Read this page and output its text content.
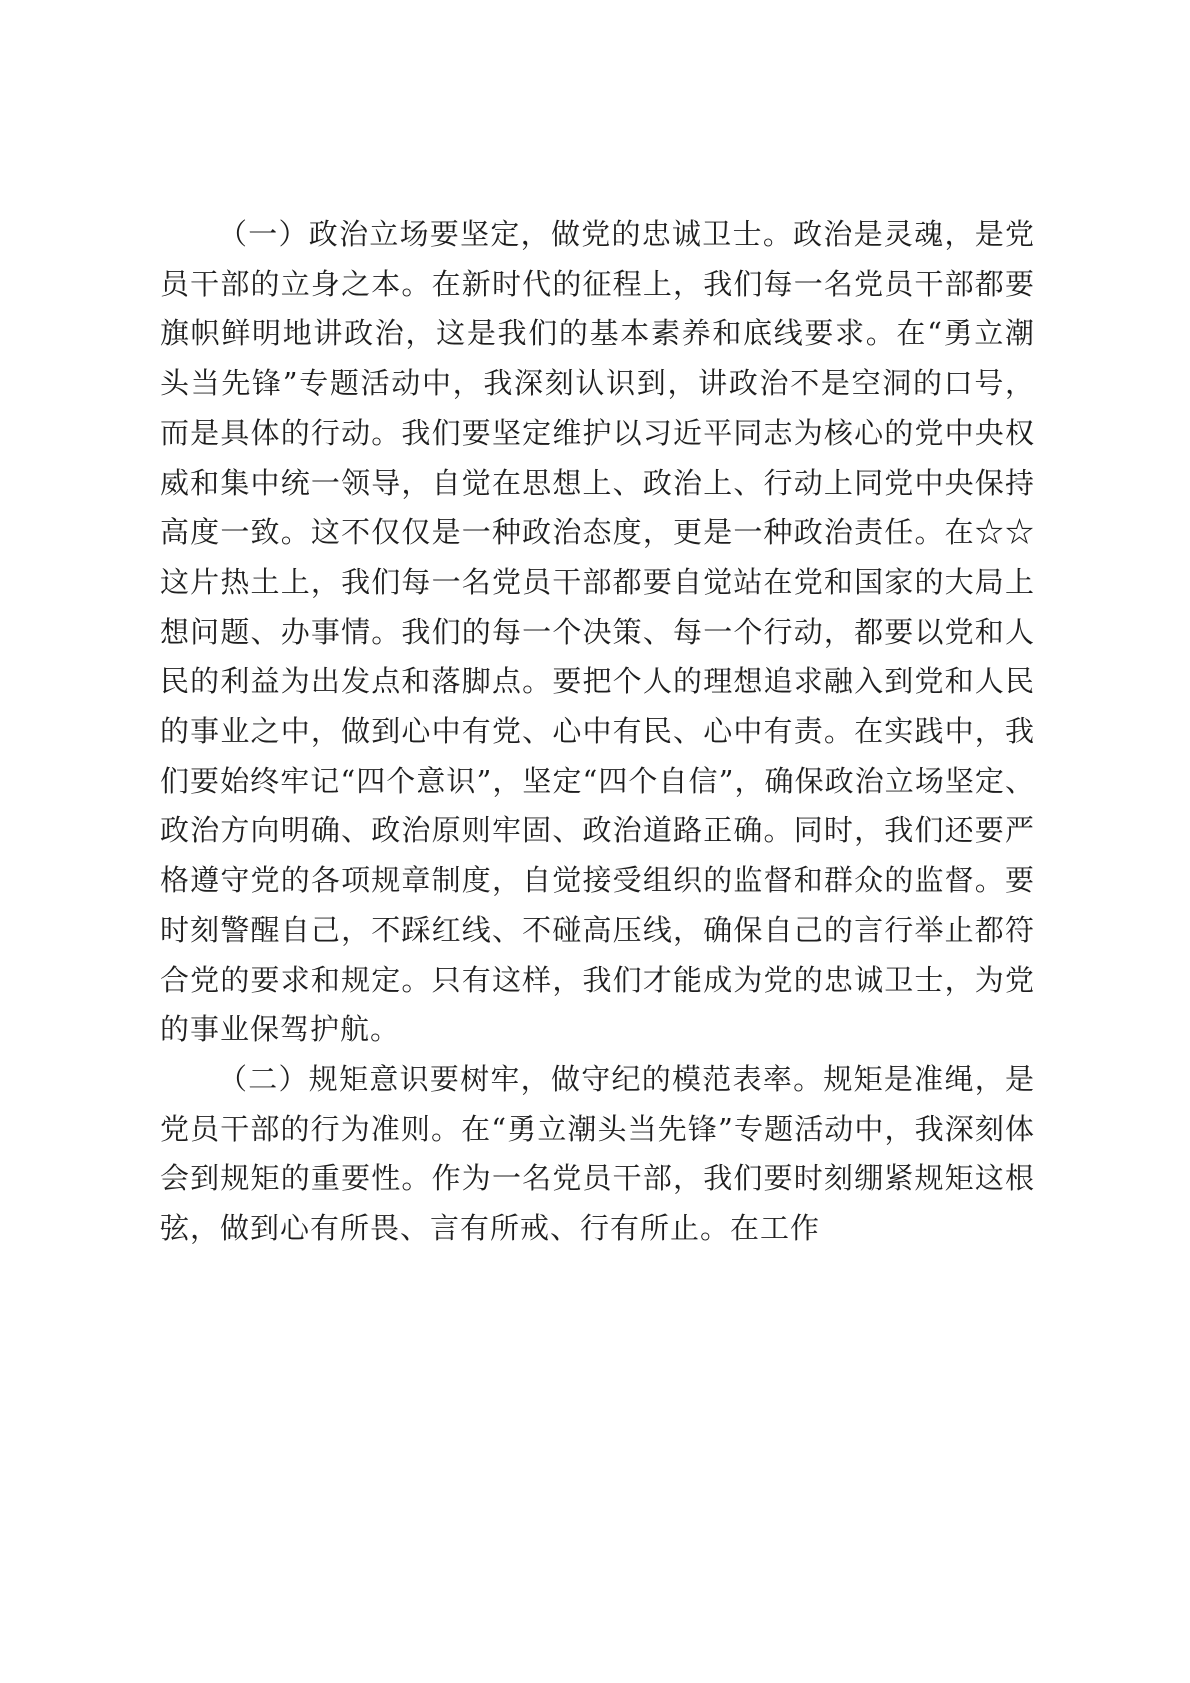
（一）政治立场要坚定，做党的忠诚卫士。政治是灵魂，是党员干部的立身之本。在新时代的征程上，我们每一名党员干部都要旗帜鲜明地讲政治，这是我们的基本素养和底线要求。在“勇立潮头当先锋”专题活动中，我深刻认识到，讲政治不是空洞的口号，而是具体的行动。我们要坚定维护以习近平同志为核心的党中央权威和集中统一领导，自觉在思想上、政治上、行动上同党中央保持高度一致。这不仅仅是一种政治态度，更是一种政治责任。在☆☆这片热土上，我们每一名党员干部都要自觉站在党和国家的大局上想问题、办事情。我们的每一个决策、每一个行动，都要以党和人民的利益为出发点和落脚点。要把个人的理想追求融入到党和人民的事业之中，做到心中有党、心中有民、心中有责。在实践中，我们要始终牢记“四个意识”，坚定“四个自信”，确保政治立场坚定、政治方向明确、政治原则牢固、政治道路正确。同时，我们还要严格遵守党的各项规章制度，自觉接受组织的监督和群众的监督。要时刻警醒自己，不踩红线、不碰高压线，确保自己的言行举止都符合党的要求和规定。只有这样，我们才能成为党的忠诚卫士，为党的事业保驾护航。

（二）规矩意识要树牢，做守纪的模范表率。规矩是准绳，是党员干部的行为准则。在“勇立潮头当先锋”专题活动中，我深刻体会到规矩的重要性。作为一名党员干部，我们要时刻绷紧规矩这根弦，做到心有所畏、言有所戒、行有所止。在工作
